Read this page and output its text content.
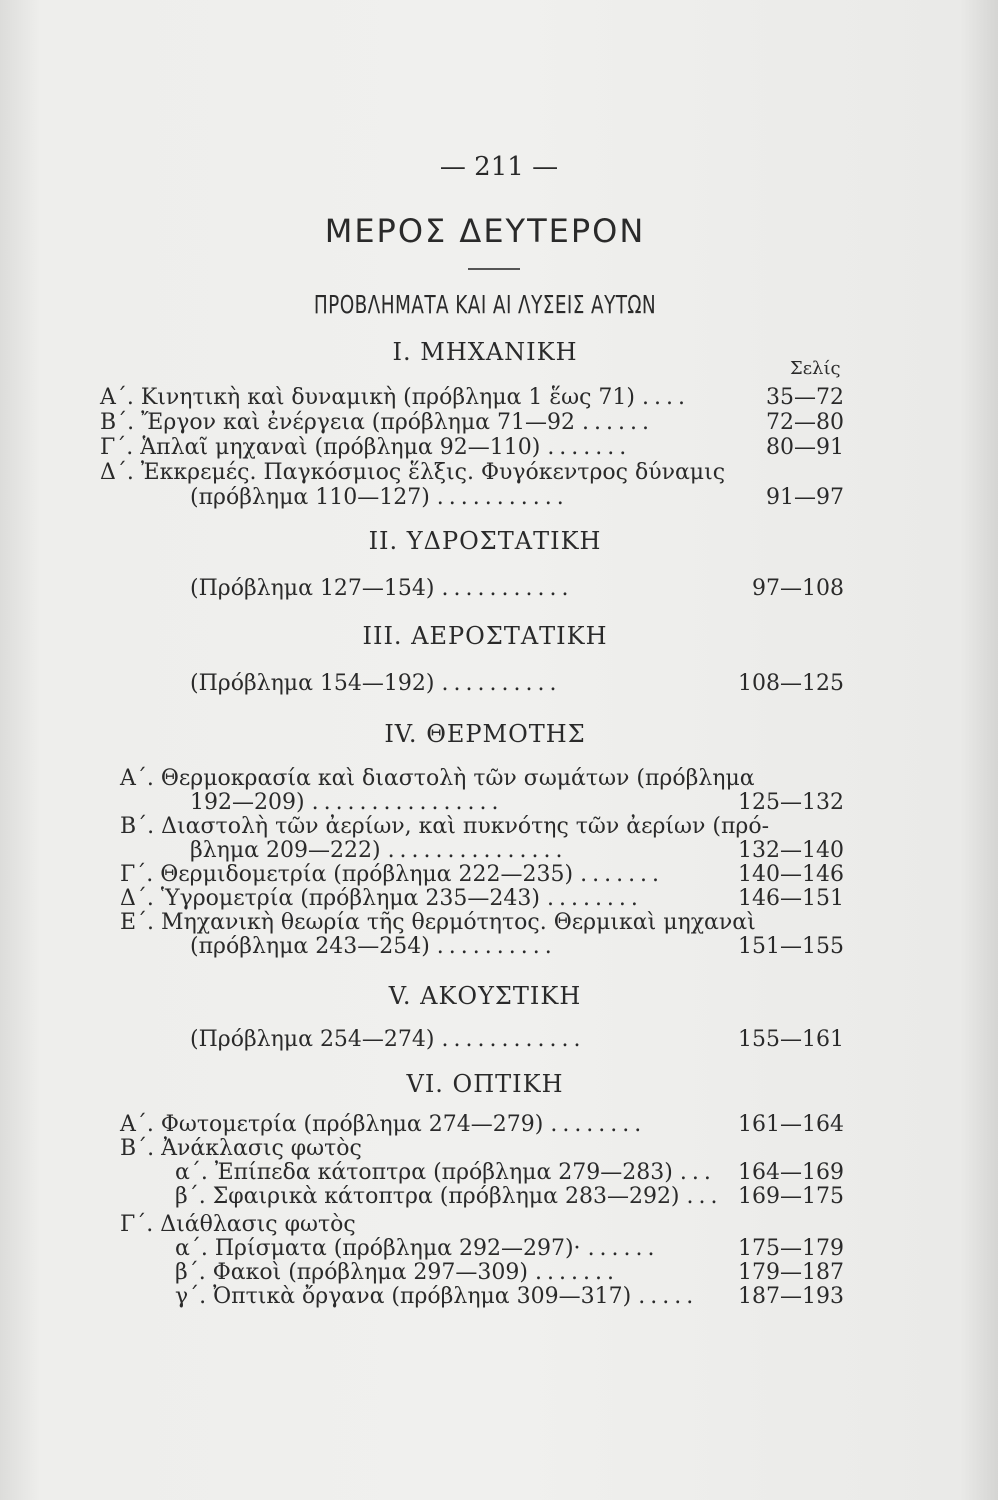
— 211 —
ΜΕΡΟΣ ΔΕΥΤΕΡΟΝ
ΠΡΟΒΛΗΜΑΤΑ ΚΑΙ ΑΙ ΛΥΣΕΙΣ ΑΥΤΩΝ
I. ΜΗΧΑΝΙΚΗ
Σελίς
Α΄. Κινητικὴ καὶ δυναμικὴ (πρόβλημα 1 ἕως 71) ....	35—72
Β΄. Ἔργον καὶ ἐνέργεια (πρόβλημα 71—92 ......	72—80
Γ΄. Ἁπλαῖ μηχαναὶ (πρόβλημα 92—110) .......	80—91
Δ΄. Ἐκκρεμές. Παγκόσμιος ἕλξις. Φυγόκεντρος δύναμις
(πρόβλημα 110—127) ...........	91—97
II. ΥΔΡΟΣΤΑΤΙΚΗ
(Πρόβλημα 127—154) ...........	97—108
III. ΑΕΡΟΣΤΑΤΙΚΗ
(Πρόβλημα 154—192) ..........	108—125
IV. ΘΕΡΜΟΤΗΣ
Α΄. Θερμοκρασία καὶ διαστολὴ τῶν σωμάτων (πρόβλημα
192—209) ................	125—132
Β΄. Διαστολὴ τῶν ἀερίων, καὶ πυκνότης τῶν ἀερίων (πρό-
βλημα 209—222) ...............	132—140
Γ΄. Θερμιδομετρία (πρόβλημα 222—235) .......	140—146
Δ΄. Ὑγρομετρία (πρόβλημα 235—243) ........	146—151
Ε΄. Μηχανικὴ θεωρία τῆς θερμότητος. Θερμικαὶ μηχαναὶ
(πρόβλημα 243—254) ..........	151—155
V. ΑΚΟΥΣΤΙΚΗ
(Πρόβλημα 254—274) ............	155—161
VI. ΟΠΤΙΚΗ
Α΄. Φωτομετρία (πρόβλημα 274—279) ........	161—164
Β΄. Ἀνάκλασις φωτὸς
α΄. Ἐπίπεδα κάτοπτρα (πρόβλημα 279—283) ...	164—169
β΄. Σφαιρικὰ κάτοπτρα (πρόβλημα 283—292) ... 169—175
Γ΄. Διάθλασις φωτὸς
α΄. Πρίσματα (πρόβλημα 292—297)· ......	175—179
β΄. Φακοὶ (πρόβλημα 297—309) .......	179—187
γ΄. Ὀπτικὰ ὄργανα (πρόβλημα 309—317) .....	187—193
